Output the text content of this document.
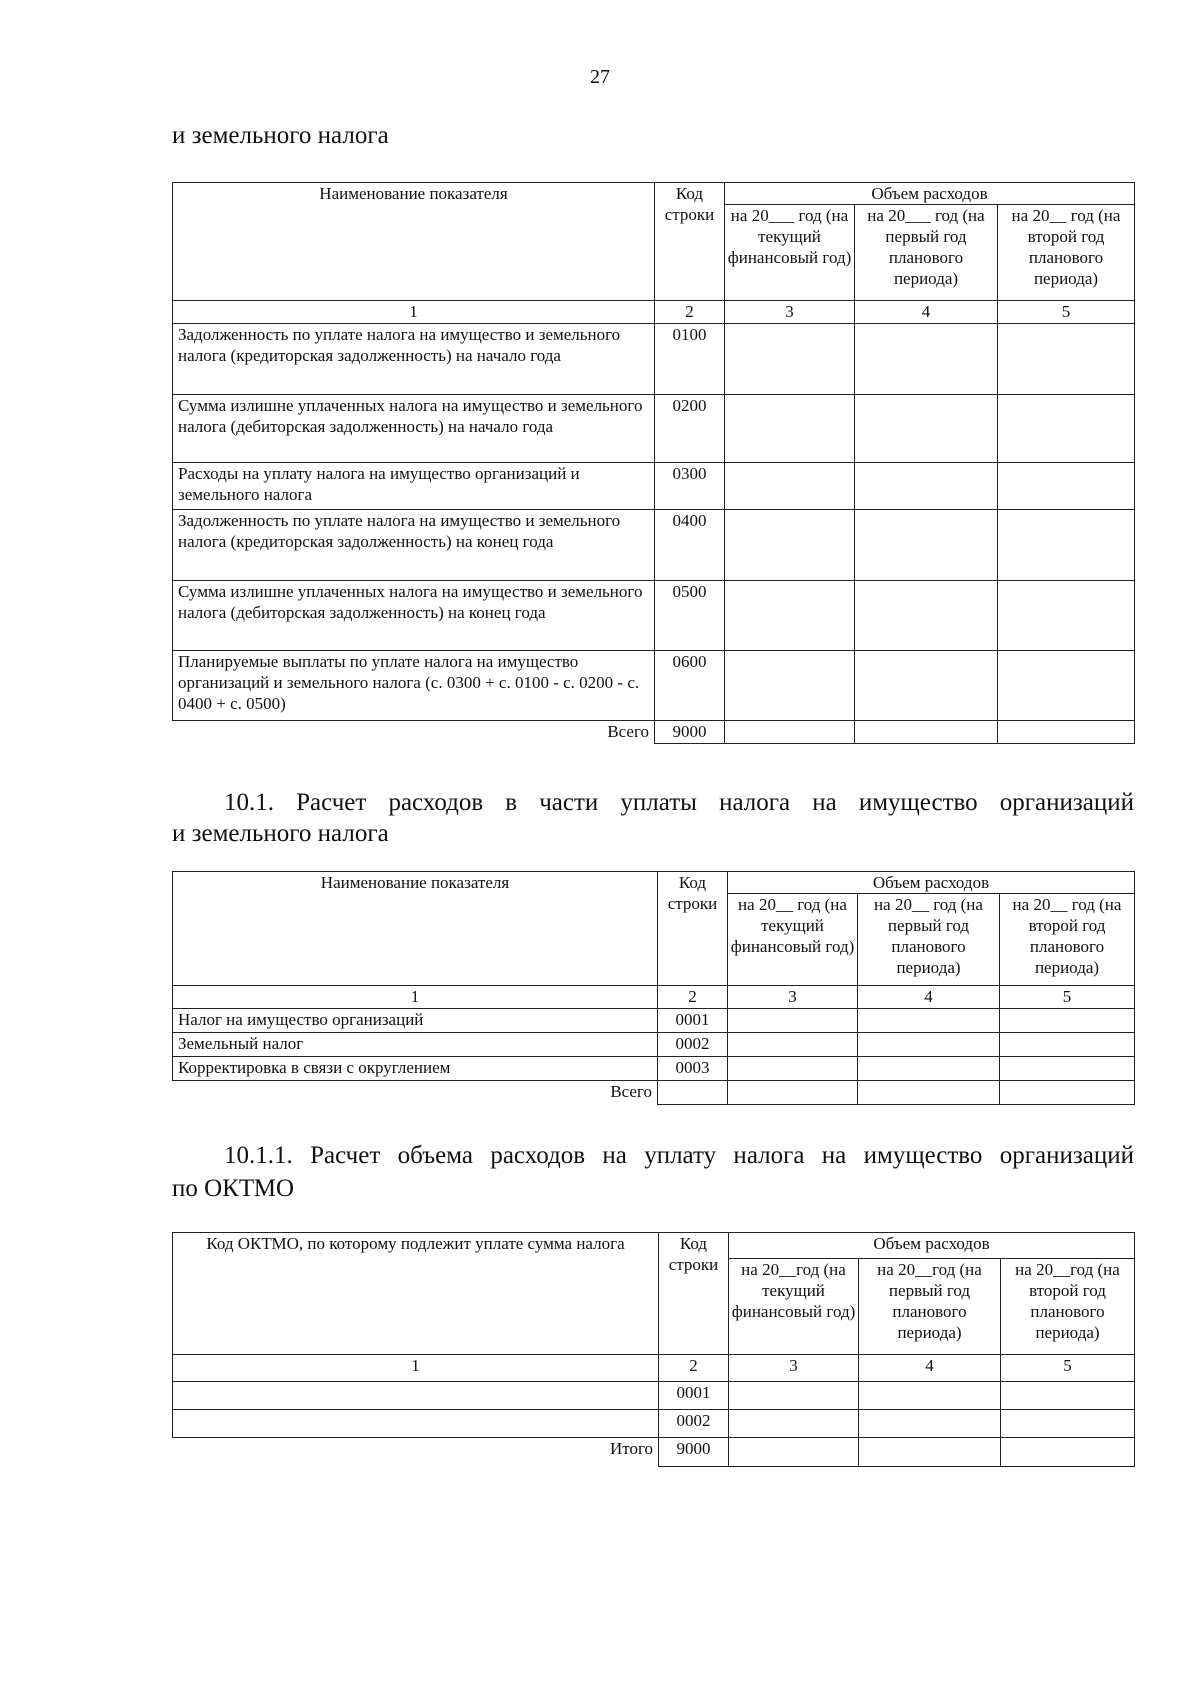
27
и земельного налога
Наименование показателя	Код строки	Объем расходов		
		на 20___ год (на текущий финансовый год)	на 20___ год (на первый год планового периода)	на 20__ год (на второй год планового периода)
1	2	3	4	5
Задолженность по уплате налога на имущество и земельного налога (кредиторская задолженность) на начало года	0100			
Сумма излишне уплаченных налога на имущество и земельного налога (дебиторская задолженность) на начало года	0200			
Расходы на уплату налога на имущество организаций и земельного налога	0300			
Задолженность по уплате налога на имущество и земельного налога (кредиторская задолженность) на конец года	0400			
Сумма излишне уплаченных налога на имущество и земельного налога (дебиторская задолженность) на конец года	0500			
Планируемые выплаты по уплате налога на имущество организаций и земельного налога (с. 0300 + с. 0100 - с. 0200 - с. 0400 + с. 0500)	0600			
Всего	9000			
10.1. Расчет расходов в части уплаты налога на имущество организаций
и земельного налога
Наименование показателя	Код строки	Объем расходов		
		на 20__ год (на текущий финансовый год)	на 20__ год (на первый год планового периода)	на 20__ год (на второй год планового периода)
1	2	3	4	5
Налог на имущество организаций	0001			
Земельный налог	0002			
Корректировка в связи с округлением	0003			
Всего				
10.1.1. Расчет объема расходов на уплату налога на имущество организаций
по ОКТМО
Код ОКТМО, по которому подлежит уплате сумма налога	Код строки	Объем расходов		
		на 20__год (на текущий финансовый год)	на 20__год (на первый год планового периода)	на 20__год (на второй год планового периода)
1	2	3	4	5
	0001			
	0002			
Итого	9000			
